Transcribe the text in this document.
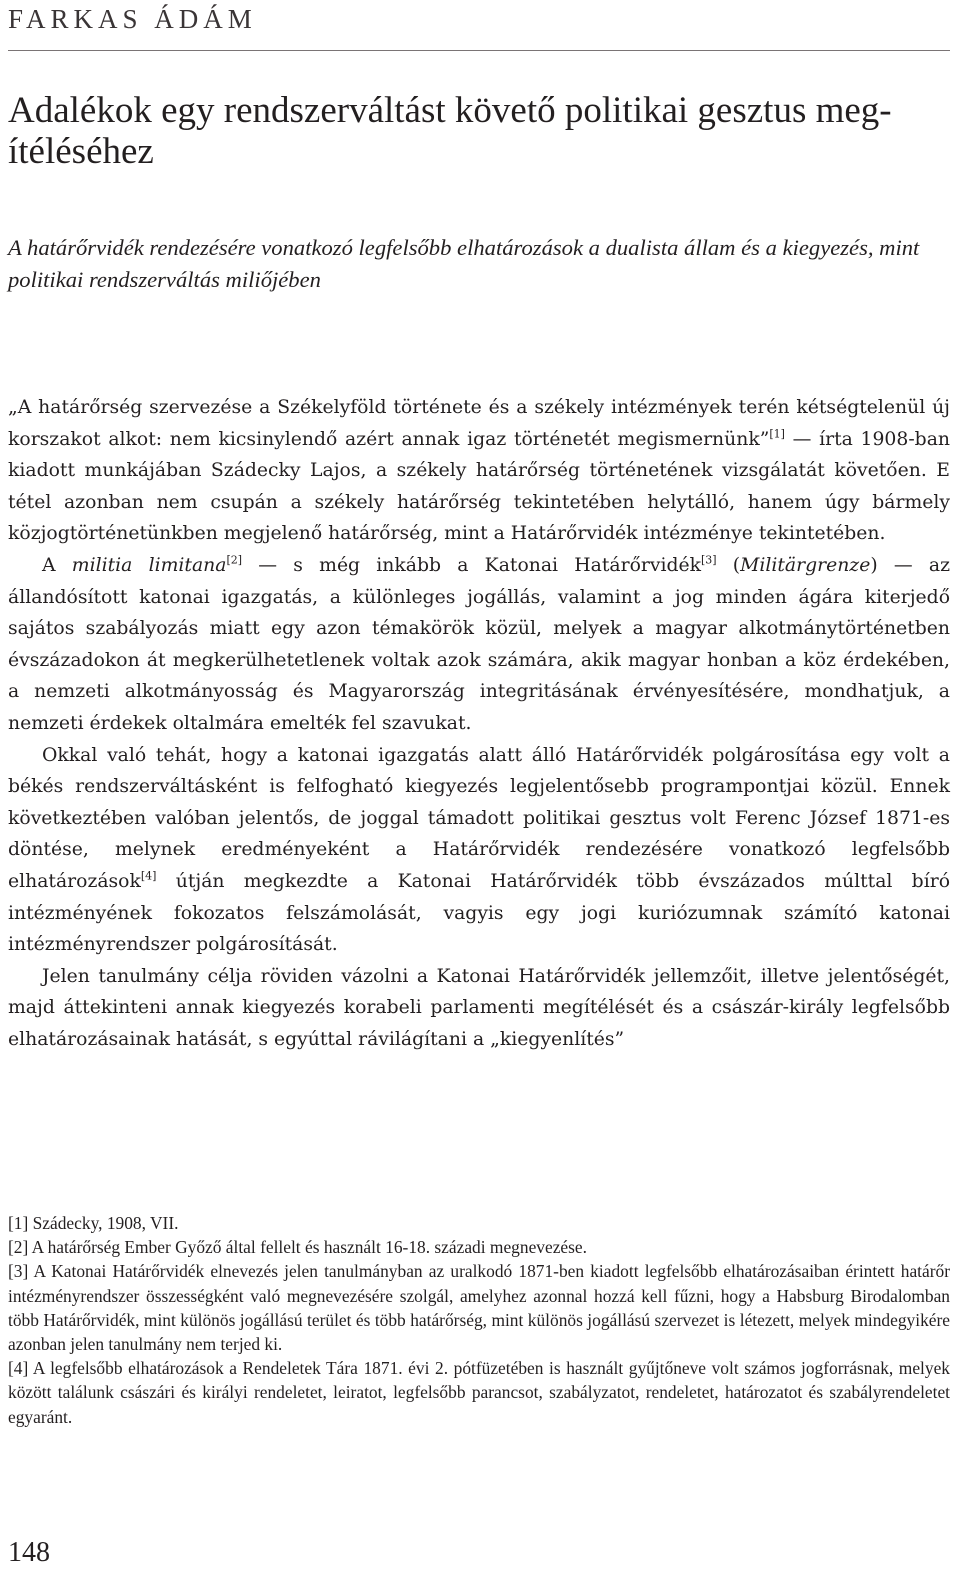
FARKAS ÁDÁM

Adalékok egy rendszerváltást követő politikai gesztus meg-ítéléséhez

A határőrvidék rendezésére vonatkozó legfelsőbb elhatározások a dualista állam és a kiegyezés, mint politikai rendszerváltás miliőjében

„A határőrség szervezése a Székelyföld története és a székely intézmények terén kétségtelenül új korszakot alkot: nem kicsinylendő azért annak igaz történetét megismernünk”[1] — írta 1908-ban kiadott munkájában Szádecky Lajos, a székely határőrség történetének vizsgálatát követően. E tétel azonban nem csupán a székely határőrség tekintetében helytálló, hanem úgy bármely közjogtörténetünkben megjelenő határőrség, mint a Határőrvidék intézménye tekintetében.

A militia limitana[2] — s még inkább a Katonai Határőrvidék[3] (Militärgrenze) — az állandósított katonai igazgatás, a különleges jogállás, valamint a jog minden ágára kiterjedő sajátos szabályozás miatt egy azon témakörök közül, melyek a magyar alkotmánytörténetben évszázadokon át megkerülhetetlenek voltak azok számára, akik magyar honban a köz érdekében, a nemzeti alkotmányosság és Magyarország integritásának érvényesítésére, mondhatjuk, a nemzeti érdekek oltalmára emelték fel szavukat.

Okkal való tehát, hogy a katonai igazgatás alatt álló Határőrvidék polgárosítása egy volt a békés rendszerváltásként is felfogható kiegyezés legjelentősebb programpontjai közül. Ennek következtében valóban jelentős, de joggal támadott politikai gesztus volt Ferenc József 1871-es döntése, melynek eredményeként a Határőrvidék rendezésére vonatkozó legfelsőbb elhatározások[4] útján megkezdte a Katonai Határőrvidék több évszázados múlttal bíró intézményének fokozatos felszámolását, vagyis egy jogi kuriózumnak számító katonai intézményrendszer polgárosítását.

Jelen tanulmány célja röviden vázolni a Katonai Határőrvidék jellemzőit, illetve jelentőségét, majd áttekinteni annak kiegyezés korabeli parlamenti megítélését és a császár-király legfelsőbb elhatározásainak hatását, s egyúttal rávilágítani a „kiegyenlítés”

[1] Szádecky, 1908, VII.

[2] A határőrség Ember Győző által fellelt és használt 16-18. századi megnevezése.

[3] A Katonai Határőrvidék elnevezés jelen tanulmányban az uralkodó 1871-ben kiadott legfelsőbb elhatározásaiban érintett határőr intézményrendszer összességként való megnevezésére szolgál, amelyhez azonnal hozzá kell fűzni, hogy a Habsburg Birodalomban több Határőrvidék, mint különös jogállású terület és több határőrség, mint különös jogállású szervezet is létezett, melyek mindegyikére azonban jelen tanulmány nem terjed ki.

[4] A legfelsőbb elhatározások a Rendeletek Tára 1871. évi 2. pótfüzetében is használt gyűjtőneve volt számos jogforrásnak, melyek között találunk császári és királyi rendeletet, leiratot, legfelsőbb parancsot, szabályzatot, rendeletet, határozatot és szabályrendeletet egyaránt.

148
